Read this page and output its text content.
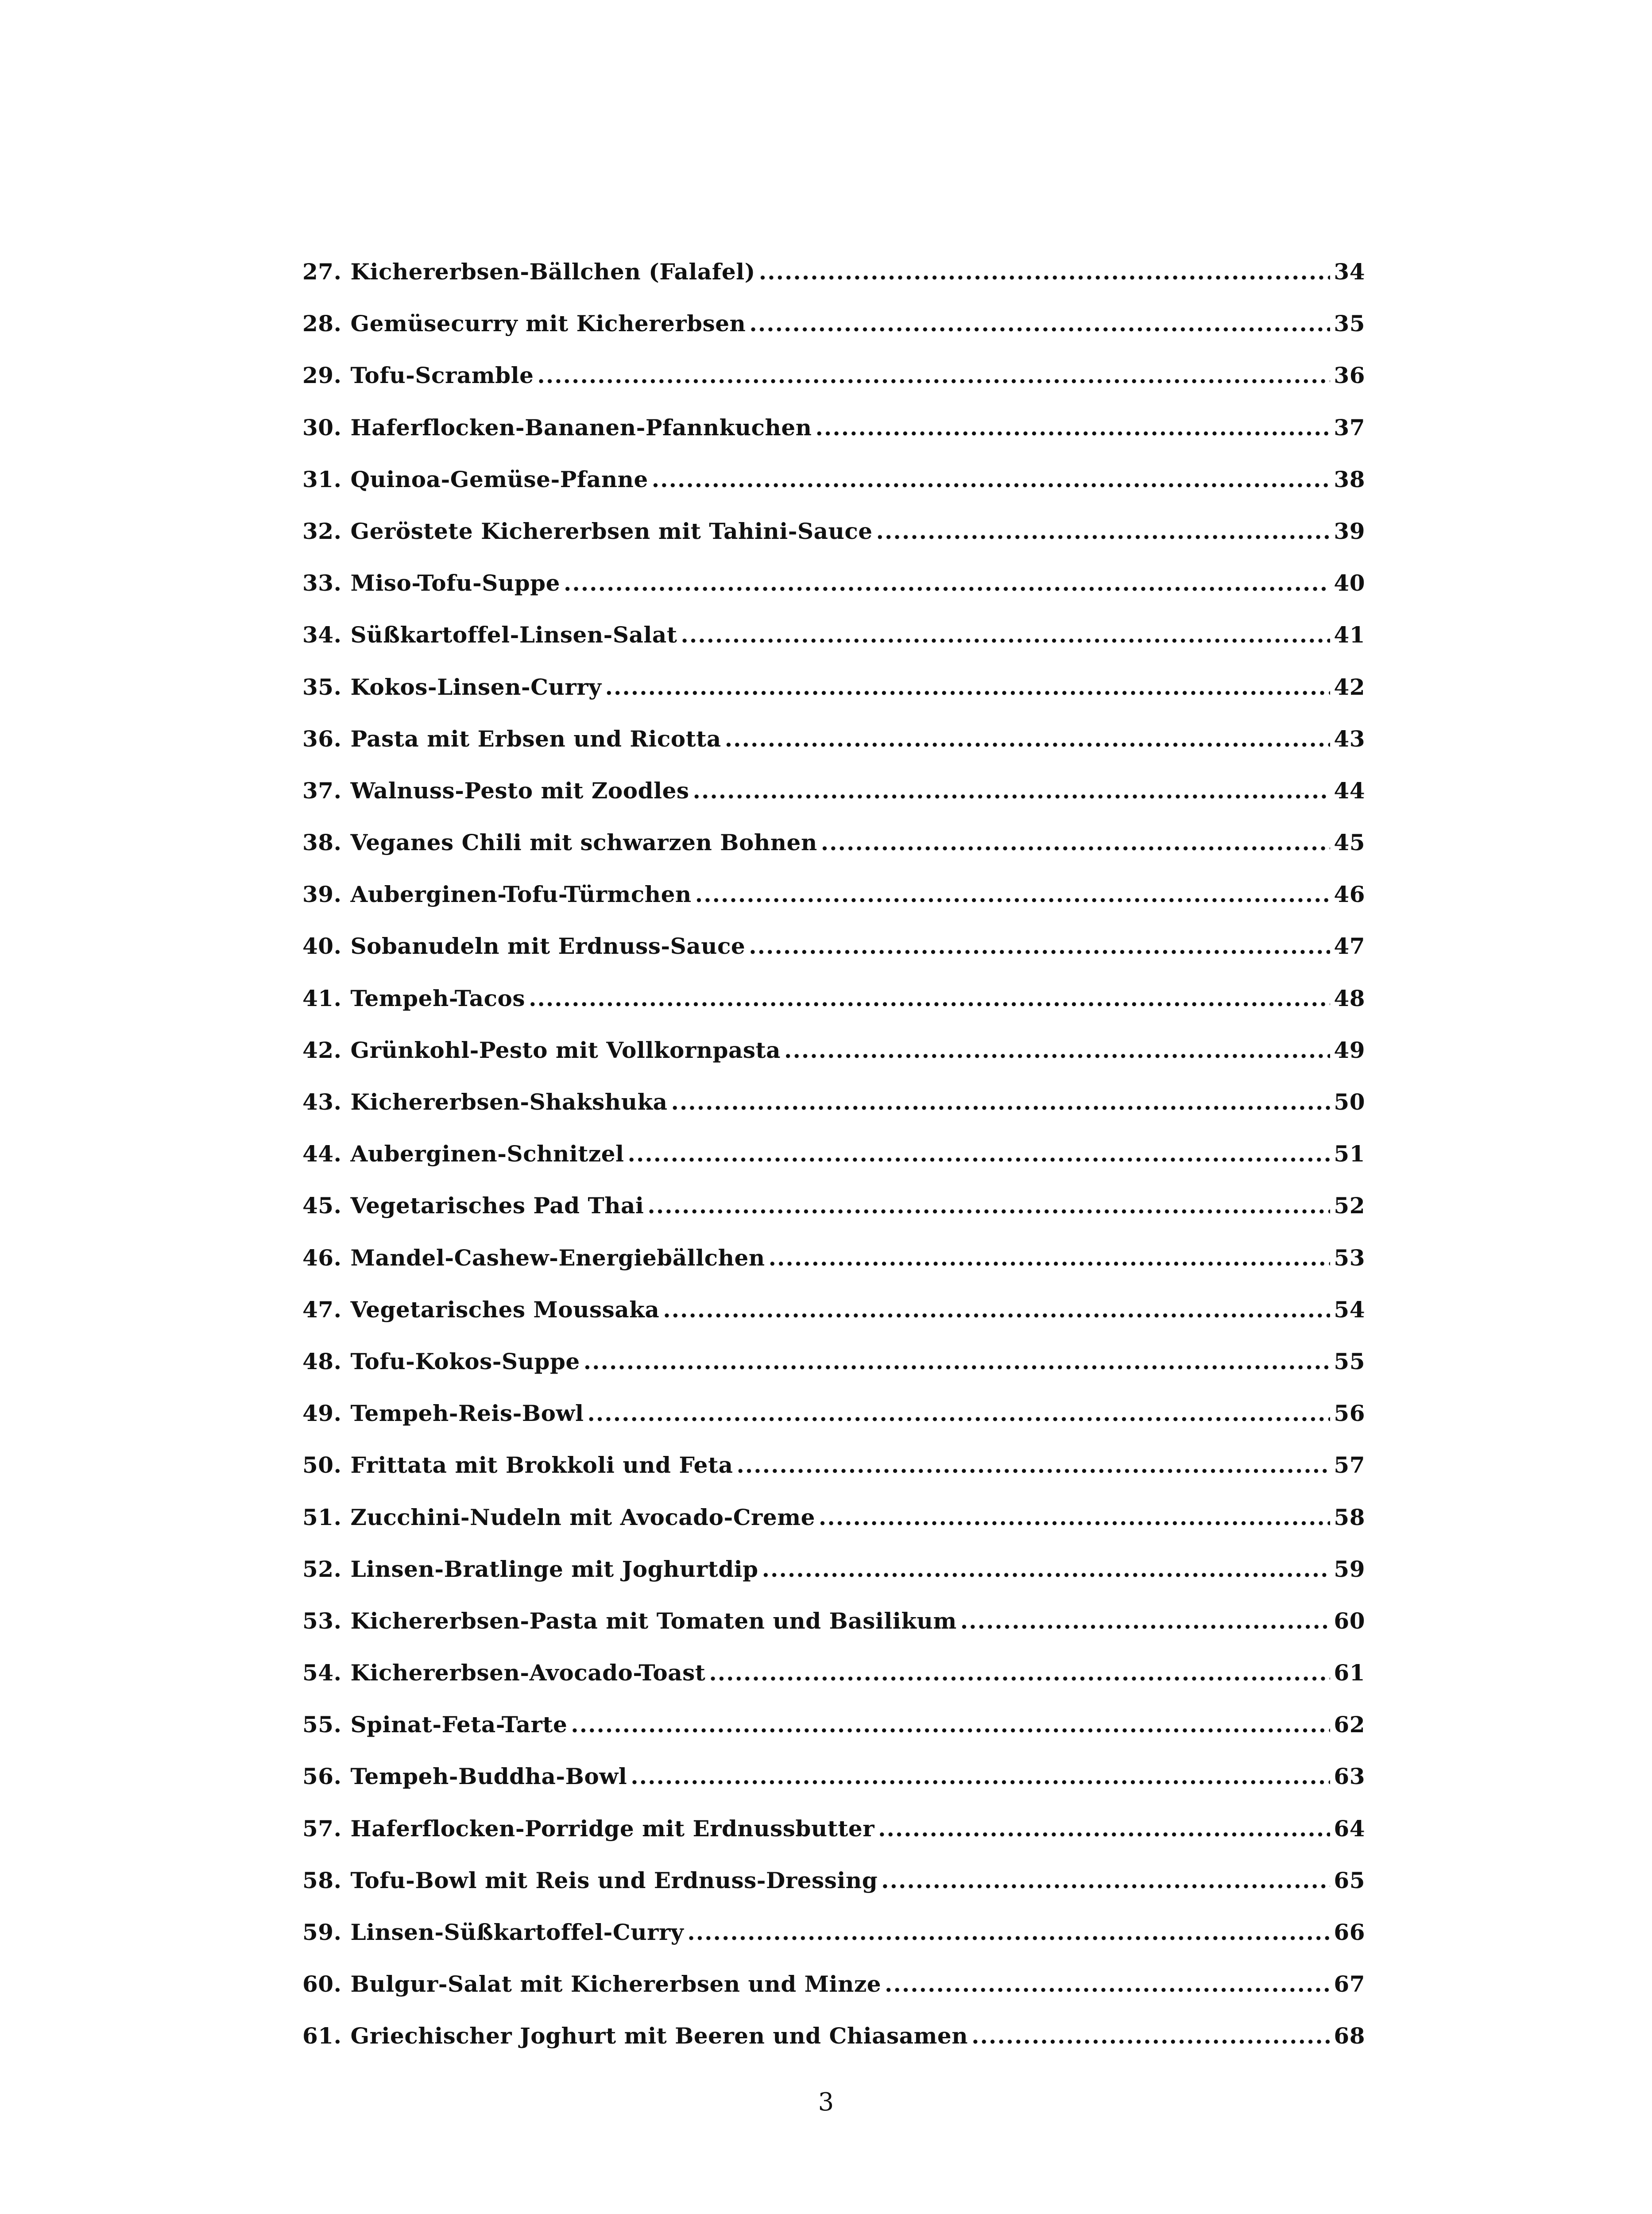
27. Kichererbsen-Bällchen (Falafel) .....	34
28. Gemüsecurry mit Kichererbsen .....	35
29. Tofu-Scramble .....	36
30. Haferflocken-Bananen-Pfannkuchen .....	37
31. Quinoa-Gemüse-Pfanne .....	38
32. Geröstete Kichererbsen mit Tahini-Sauce .....	39
33. Miso-Tofu-Suppe .....	40
34. Süßkartoffel-Linsen-Salat .....	41
35. Kokos-Linsen-Curry .....	42
36. Pasta mit Erbsen und Ricotta .....	43
37. Walnuss-Pesto mit Zoodles .....	44
38. Veganes Chili mit schwarzen Bohnen .....	45
39. Auberginen-Tofu-Türmchen .....	46
40. Sobanudeln mit Erdnuss-Sauce .....	47
41. Tempeh-Tacos .....	48
42. Grünkohl-Pesto mit Vollkornpasta .....	49
43. Kichererbsen-Shakshuka .....	50
44. Auberginen-Schnitzel .....	51
45. Vegetarisches Pad Thai .....	52
46. Mandel-Cashew-Energiebällchen .....	53
47. Vegetarisches Moussaka .....	54
48. Tofu-Kokos-Suppe .....	55
49. Tempeh-Reis-Bowl .....	56
50. Frittata mit Brokkoli und Feta .....	57
51. Zucchini-Nudeln mit Avocado-Creme .....	58
52. Linsen-Bratlinge mit Joghurtdip .....	59
53. Kichererbsen-Pasta mit Tomaten und Basilikum .....	60
54. Kichererbsen-Avocado-Toast .....	61
55. Spinat-Feta-Tarte .....	62
56. Tempeh-Buddha-Bowl .....	63
57. Haferflocken-Porridge mit Erdnussbutter .....	64
58. Tofu-Bowl mit Reis und Erdnuss-Dressing .....	65
59. Linsen-Süßkartoffel-Curry .....	66
60. Bulgur-Salat mit Kichererbsen und Minze .....	67
61. Griechischer Joghurt mit Beeren und Chiasamen .....	68
3
